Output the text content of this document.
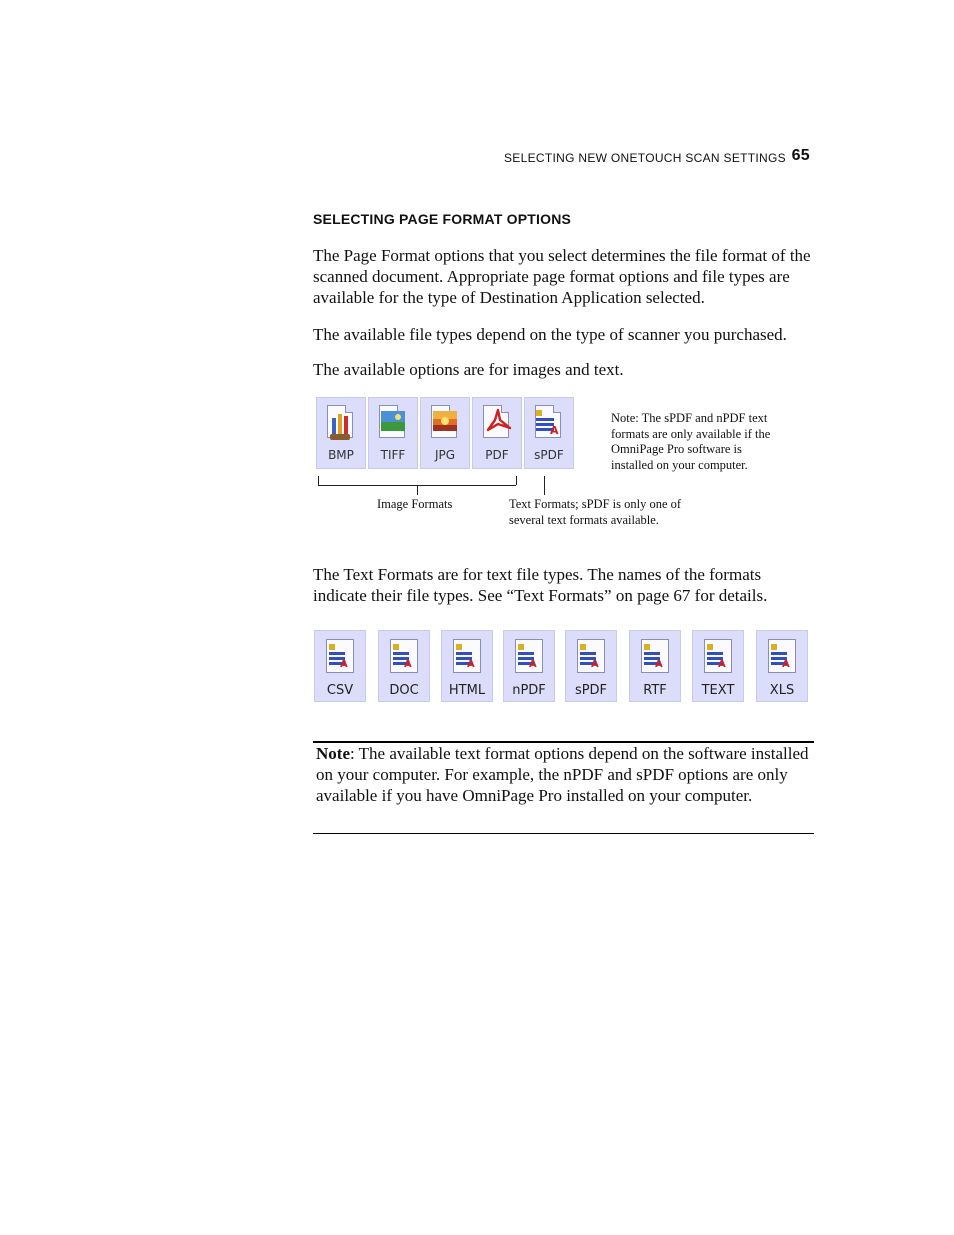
SELECTING NEW ONETOUCH SCAN SETTINGS 65
SELECTING PAGE FORMAT OPTIONS
The Page Format options that you select determines the file format of the scanned document. Appropriate page format options and file types are available for the type of Destination Application selected.
The available file types depend on the type of scanner you purchased.
The available options are for images and text.
BMP	TIFF	JPG	PDF
A
sPDF
Note: The sPDF and nPDF text formats are only available if the OmniPage Pro software is installed on your computer.
Image Formats	Text Formats; sPDF is only one of several text formats available.
The Text Formats are for text file types. The names of the formats indicate their file types. See “Text Formats” on page 67 for details.
A
CSV
A
DOC
A
HTML
A
nPDF
A
sPDF
A
RTF
A
TEXT
A
XLS
Note: The available text format options depend on the software installed on your computer. For example, the nPDF and sPDF options are only available if you have OmniPage Pro installed on your computer.
